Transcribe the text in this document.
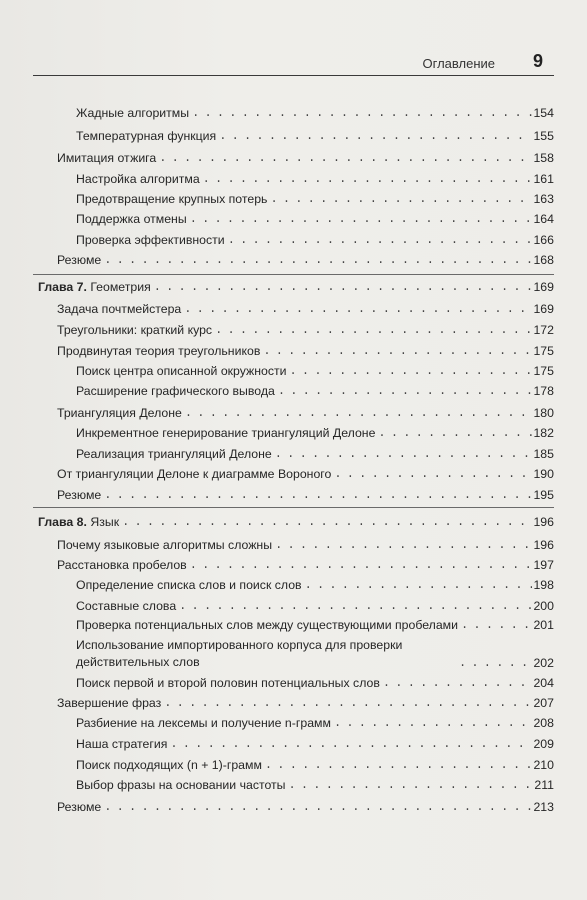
Оглавление 9
Жадные алгоритмы . . .	154
Температурная функция . . .	155
Имитация отжига . . .	158
Настройка алгоритма . . .	161
Предотвращение крупных потерь . . .	163
Поддержка отмены . . .	164
Проверка эффективности . . .	166
Резюме . . .	168
Глава 7. Геометрия . . .	169
Задача почтмейстера . . .	169
Треугольники: краткий курс . . .	172
Продвинутая теория треугольников . . .	175
Поиск центра описанной окружности . . .	175
Расширение графического вывода . . .	178
Триангуляция Делоне . . .	180
Инкрементное генерирование триангуляций Делоне . . .	182
Реализация триангуляций Делоне . . .	185
От триангуляции Делоне к диаграмме Вороного . . .	190
Резюме . . .	195
Глава 8. Язык . . .	196
Почему языковые алгоритмы сложны . . .	196
Расстановка пробелов . . .	197
Определение списка слов и поиск слов . . .	198
Составные слова . . .	200
Проверка потенциальных слов между существующими пробелами . . .	201
Использование импортированного корпуса для проверки действительных слов . . .	202
Поиск первой и второй половин потенциальных слов . . .	204
Завершение фраз . . .	207
Разбиение на лексемы и получение n-грамм . . .	208
Наша стратегия . . .	209
Поиск подходящих (n + 1)-грамм . . .	210
Выбор фразы на основании частоты . . .	211
Резюме . . .	213
